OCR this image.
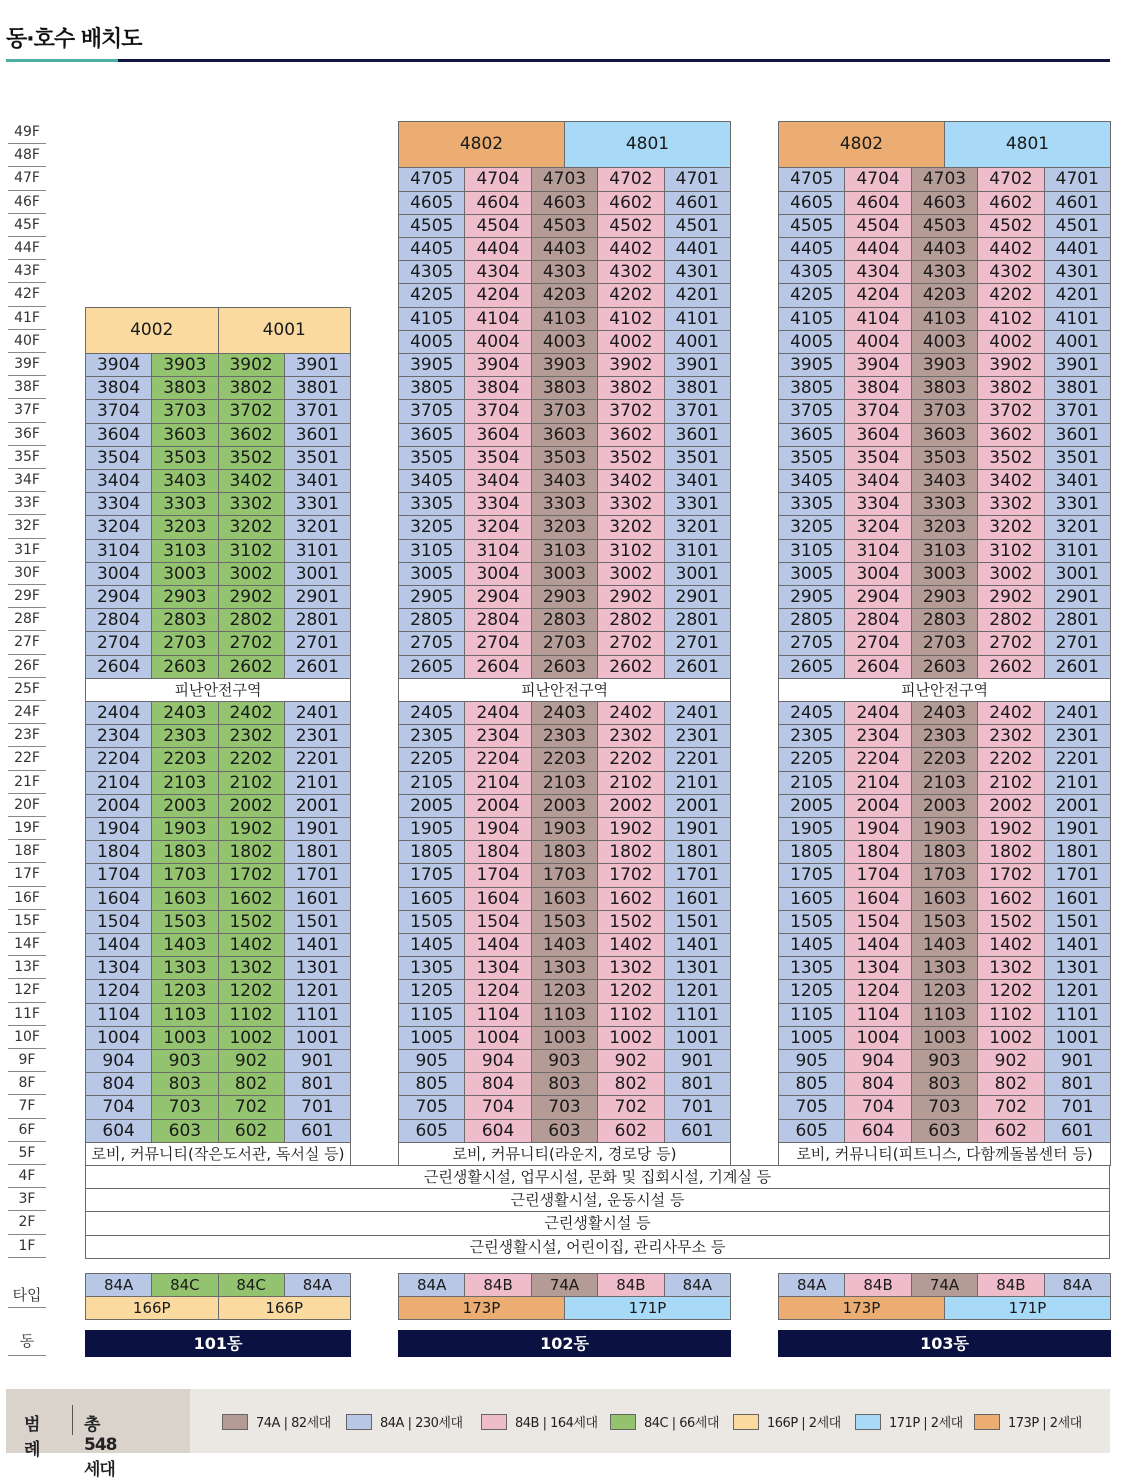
동·호수 배치도
49F
48F
47F
46F
45F
44F
43F
42F
41F
40F
39F
38F
37F
36F
35F
34F
33F
32F
31F
30F
29F
28F
27F
26F
25F
24F
23F
22F
21F
20F
19F
18F
17F
16F
15F
14F
13F
12F
11F
10F
9F
8F
7F
6F
5F
4F
3F
2F
1F
4002	4001
3904	3903	3902	3901
3804	3803	3802	3801
3704	3703	3702	3701
3604	3603	3602	3601
3504	3503	3502	3501
3404	3403	3402	3401
3304	3303	3302	3301
3204	3203	3202	3201
3104	3103	3102	3101
3004	3003	3002	3001
2904	2903	2902	2901
2804	2803	2802	2801
2704	2703	2702	2701
2604	2603	2602	2601
피난안전구역
2404	2403	2402	2401
2304	2303	2302	2301
2204	2203	2202	2201
2104	2103	2102	2101
2004	2003	2002	2001
1904	1903	1902	1901
1804	1803	1802	1801
1704	1703	1702	1701
1604	1603	1602	1601
1504	1503	1502	1501
1404	1403	1402	1401
1304	1303	1302	1301
1204	1203	1202	1201
1104	1103	1102	1101
1004	1003	1002	1001
904	903	902	901
804	803	802	801
704	703	702	701
604	603	602	601
로비, 커뮤니티(작은도서관, 독서실 등)
4802	4801
4705	4704	4703	4702	4701
4605	4604	4603	4602	4601
4505	4504	4503	4502	4501
4405	4404	4403	4402	4401
4305	4304	4303	4302	4301
4205	4204	4203	4202	4201
4105	4104	4103	4102	4101
4005	4004	4003	4002	4001
3905	3904	3903	3902	3901
3805	3804	3803	3802	3801
3705	3704	3703	3702	3701
3605	3604	3603	3602	3601
3505	3504	3503	3502	3501
3405	3404	3403	3402	3401
3305	3304	3303	3302	3301
3205	3204	3203	3202	3201
3105	3104	3103	3102	3101
3005	3004	3003	3002	3001
2905	2904	2903	2902	2901
2805	2804	2803	2802	2801
2705	2704	2703	2702	2701
2605	2604	2603	2602	2601
피난안전구역
2405	2404	2403	2402	2401
2305	2304	2303	2302	2301
2205	2204	2203	2202	2201
2105	2104	2103	2102	2101
2005	2004	2003	2002	2001
1905	1904	1903	1902	1901
1805	1804	1803	1802	1801
1705	1704	1703	1702	1701
1605	1604	1603	1602	1601
1505	1504	1503	1502	1501
1405	1404	1403	1402	1401
1305	1304	1303	1302	1301
1205	1204	1203	1202	1201
1105	1104	1103	1102	1101
1005	1004	1003	1002	1001
905	904	903	902	901
805	804	803	802	801
705	704	703	702	701
605	604	603	602	601
로비, 커뮤니티(라운지, 경로당 등)
4802	4801
4705	4704	4703	4702	4701
4605	4604	4603	4602	4601
4505	4504	4503	4502	4501
4405	4404	4403	4402	4401
4305	4304	4303	4302	4301
4205	4204	4203	4202	4201
4105	4104	4103	4102	4101
4005	4004	4003	4002	4001
3905	3904	3903	3902	3901
3805	3804	3803	3802	3801
3705	3704	3703	3702	3701
3605	3604	3603	3602	3601
3505	3504	3503	3502	3501
3405	3404	3403	3402	3401
3305	3304	3303	3302	3301
3205	3204	3203	3202	3201
3105	3104	3103	3102	3101
3005	3004	3003	3002	3001
2905	2904	2903	2902	2901
2805	2804	2803	2802	2801
2705	2704	2703	2702	2701
2605	2604	2603	2602	2601
피난안전구역
2405	2404	2403	2402	2401
2305	2304	2303	2302	2301
2205	2204	2203	2202	2201
2105	2104	2103	2102	2101
2005	2004	2003	2002	2001
1905	1904	1903	1902	1901
1805	1804	1803	1802	1801
1705	1704	1703	1702	1701
1605	1604	1603	1602	1601
1505	1504	1503	1502	1501
1405	1404	1403	1402	1401
1305	1304	1303	1302	1301
1205	1204	1203	1202	1201
1105	1104	1103	1102	1101
1005	1004	1003	1002	1001
905	904	903	902	901
805	804	803	802	801
705	704	703	702	701
605	604	603	602	601
로비, 커뮤니티(피트니스, 다함께돌봄센터 등)
근린생활시설, 업무시설, 문화 및 집회시설, 기계실 등
근린생활시설, 운동시설 등
근린생활시설 등
근린생활시설, 어린이집, 관리사무소 등
타입
동
84A	84C	84C	84A
166P	166P
101동
84A	84B	74A	84B	84A
173P	171P
102동
84A	84B	74A	84B	84A
173P	171P
103동
범례
총 548세대
74A | 82세대	84A | 230세대	84B | 164세대	84C | 66세대	166P | 2세대	171P | 2세대	173P | 2세대
